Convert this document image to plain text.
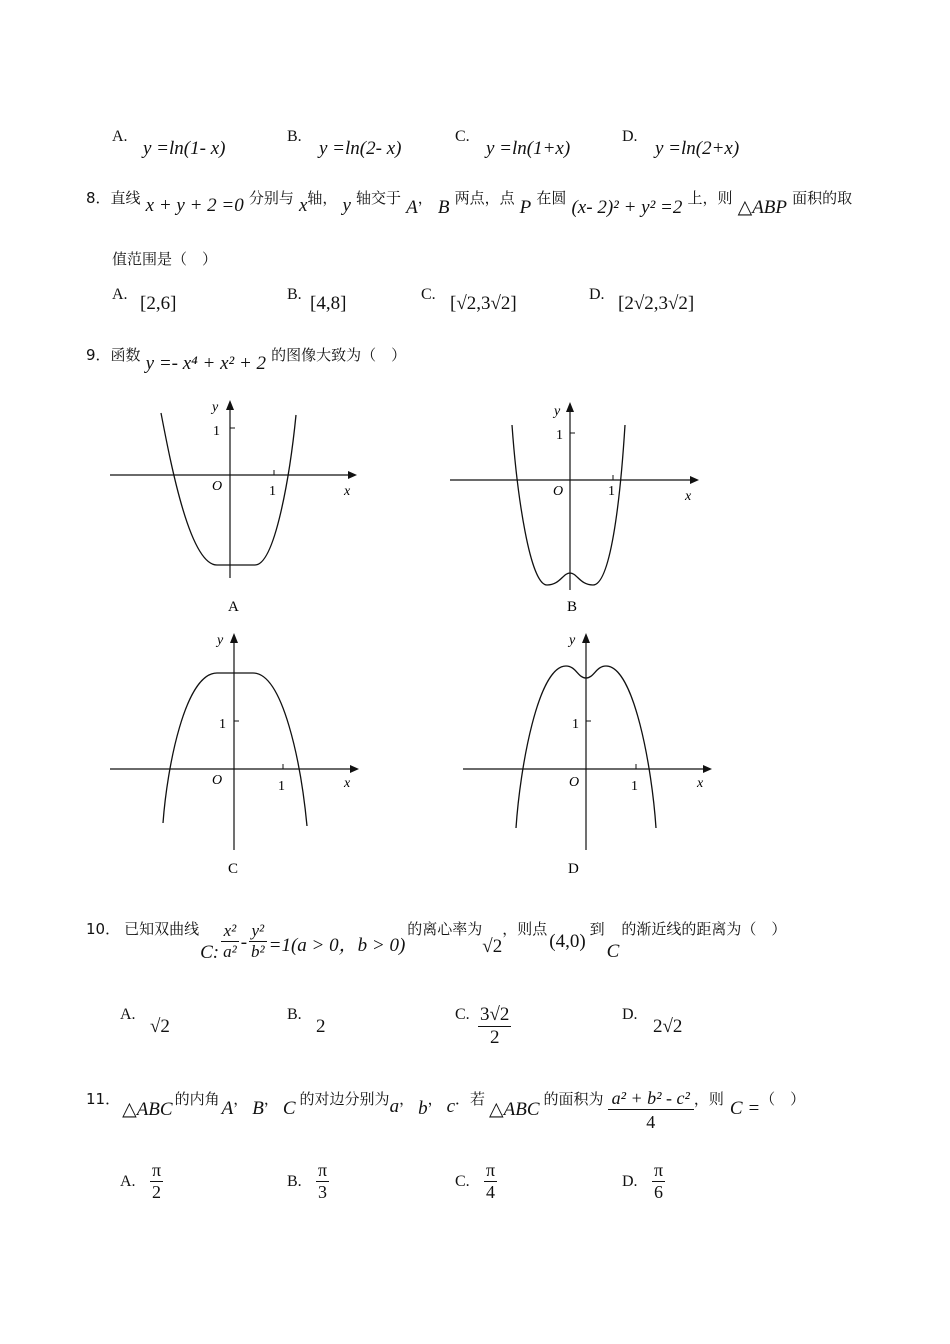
A.
y =ln(1- x)
B.
y =ln(2- x)
C.
y =ln(1+x)
D.
y =ln(2+x)
8．直线 x + y + 2 =0 分别与 x轴， y 轴交于 A， B 两点，点 P 在圆 (x- 2)² + y² =2 上，则 △ABP 面积的取
值范围是（　）
A. [2,6]	B. [4,8]	C. [√2,3√2]	D. [2√2,3√2]
9．函数 y =- x⁴ + x² + 2 的图像大致为（　）
y
1
O	1	x
A
y
1
O	1	x
B
y
1
O	1	x
C
y
1
O	1	x
D
10． 已知双曲线
C: $\frac{\text{x²}}{\text{a²}} - \frac{\text{y²}}{\text{b²}} =1(a > 0$，b > 0)
的离心率为
√2
，则点
(4,0)
到
C
的渐近线的距离为（　）
A.
√2
B.
2
C. $\frac{3√2}{2}$	D.
2√2
11． △ABC 的内角 A ， B ， C 的对边分别为 a ， b ， c ．若 △ABC 的面积为 $\frac{\text{a² + b² - c²}}{4}$ ，则 C = （　）
A. $\frac{\pi}{2}$	B. $\frac{\pi}{3}$	C. $\frac{\pi}{4}$	D. $\frac{\pi}{6}$
